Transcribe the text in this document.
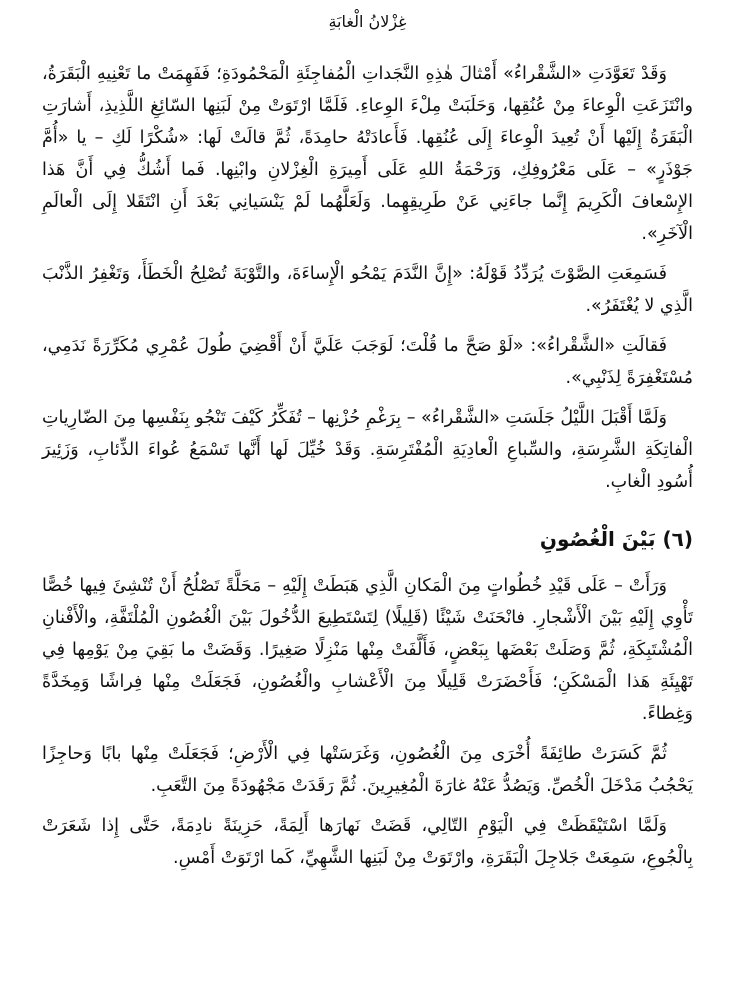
غِزْلانُ الْغابَةِ

وَقَدْ تَعَوَّدَتِ «الشَّقْراءُ» أَمْثالَ هٰذِهِ النَّجَداتِ الْمُفاجِئَةِ الْمَحْمُودَةِ؛ فَفَهِمَتْ ما تَعْنِيهِ الْبَقَرَةُ، وانْتَزَعَتِ الْوِعاءَ مِنْ عُنُقِها، وَحَلَبَتْ مِلْءَ الوِعاءِ. فَلَمَّا ارْتَوَتْ مِنْ لَبَنِها السّائِغِ اللَّذِيذِ، أَشارَتِ الْبَقَرَةُ إِلَيْها أَنْ تُعِيدَ الْوِعاءَ إِلَى عُنُقِها. فَأَعادَتْهُ حامِدَةً، ثُمَّ قالَتْ لَها: «شُكْرًا لَكِ – يا «أُمَّ جَوْذَرٍ» – عَلَى مَعْرُوفِكِ، وَرَحْمَةُ اللهِ عَلَى أَمِيرَةِ الْغِزْلانِ وابْنِها. فَما أَشُكُّ فِي أَنَّ هَذا الإِسْعافَ الْكَرِيمَ إِنَّما جاءَنِي عَنْ طَرِيقِهِما. وَلَعَلَّهُما لَمْ يَنْسَيانِي بَعْدَ أَنِ انْتَقَلا إِلَى الْعالَمِ الْآخَرِ».

فَسَمِعَتِ الصَّوْتَ يُرَدِّدُ قَوْلَهُ: «إِنَّ النَّدَمَ يَمْحُو الْإِساءَةَ، والتَّوْبَةَ تُصْلِحُ الْخَطَأَ، وَتَغْفِرُ الذَّنْبَ الَّذِي لا يُغْتَفَرُ».

فَقالَتِ «الشَّقْراءُ»: «لَوْ صَحَّ ما قُلْتَ؛ لَوَجَبَ عَلَيَّ أَنْ أَقْضِيَ طُولَ عُمْرِي مُكَرِّرَةً نَدَمِي، مُسْتَغْفِرَةً لِذَنْبِي».

وَلَمَّا أَقْبَلَ اللَّيْلُ جَلَسَتِ «الشَّقْراءُ» – بِرَغْمِ حُزْنِها – تُفَكِّرُ كَيْفَ تَنْجُو بِنَفْسِها مِنَ الضّارِياتِ الْفاتِكَةِ الشَّرِسَةِ، والسِّباعِ الْعادِيَةِ الْمُفْتَرِسَةِ. وَقَدْ خُيِّلَ لَها أَنَّها تَسْمَعُ عُواءَ الذِّئابِ، وَزَئِيرَ أُسُودِ الْغابِ.

(٦) بَيْنَ الْغُصُونِ

وَرَأَتْ – عَلَى قَيْدِ خُطُواتٍ مِنَ الْمَكانِ الَّذِي هَبَطَتْ إِلَيْهِ – مَحَلَّةً تَصْلُحُ أَنْ تُنْشِئَ فِيها خُصًّا تَأْوِي إِلَيْهِ بَيْنَ الْأَشْجارِ. فانْحَنَتْ شَيْئًا (قَلِيلًا) لِتَسْتَطِيعَ الدُّخُولَ بَيْنَ الْغُصُونِ الْمُلْتَفَّةِ، والْأَفْنانِ الْمُشْتَبِكَةِ، ثُمَّ وَصَلَتْ بَعْضَها بِبَعْضٍ، فَأَلَّفَتْ مِنْها مَنْزِلًا صَغِيرًا. وَقَضَتْ ما بَقِيَ مِنْ يَوْمِها فِي تَهْيِئَةِ هَذا الْمَسْكَنِ؛ فَأَحْضَرَتْ قَلِيلًا مِنَ الْأَعْشابِ والْغُصُونِ، فَجَعَلَتْ مِنْها فِراشًا وَمِخَدَّةً وَغِطاءً.

ثُمَّ كَسَرَتْ طائِفَةً أُخْرَى مِنَ الْغُصُونِ، وَغَرَسَتْها فِي الْأَرْضِ؛ فَجَعَلَتْ مِنْها بابًا وَحاجِزًا يَحْجُبُ مَدْخَلَ الْخُصِّ. وَيَصُدُّ عَنْهُ غارَةَ الْمُغِيرِينَ. ثُمَّ رَقَدَتْ مَجْهُودَةً مِنَ التَّعَبِ.

وَلَمَّا اسْتَيْقَظَتْ فِي الْيَوْمِ التّالِي، قَضَتْ نَهارَها أَلِمَةً، حَزِينَةً نادِمَةً، حَتَّى إِذا شَعَرَتْ بِالْجُوعِ، سَمِعَتْ جَلاجِلَ الْبَقَرَةِ، وارْتَوَتْ مِنْ لَبَنِها الشَّهِيِّ، كَما ارْتَوَتْ أَمْسِ.
